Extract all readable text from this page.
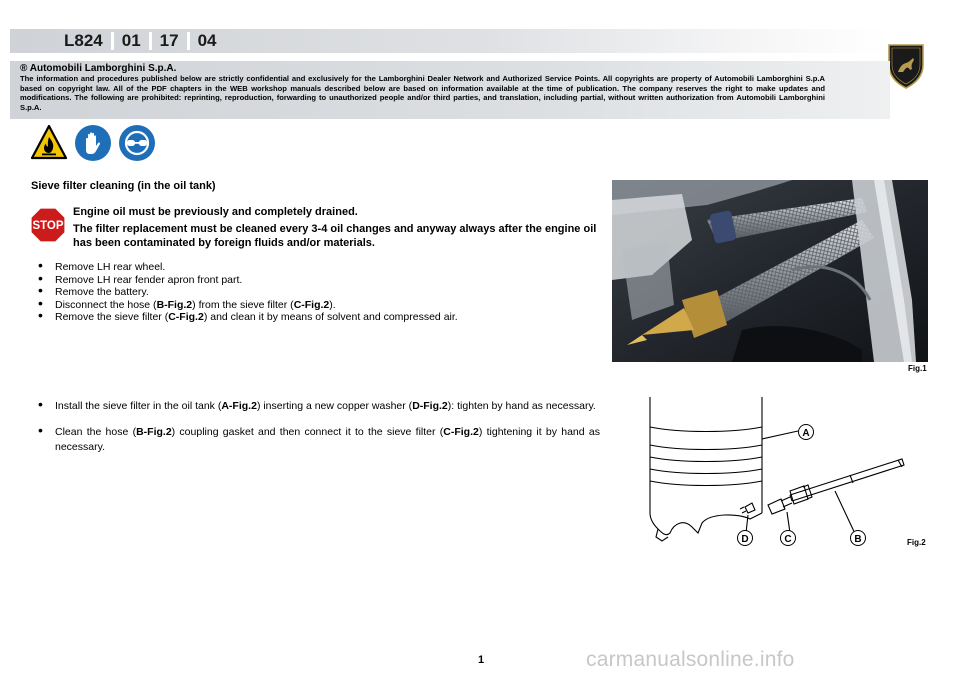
L824	01	17	04
® Automobili Lamborghini S.p.A.
The information and procedures published below are strictly confidential and exclusively for the Lamborghini Dealer Network and Authorized Service Points. All copyrights are property of Automobili Lamborghini S.p.A based on copyright law. All of the PDF chapters in the WEB workshop manuals described below are based on information available at the time of publication. The company reserves the right to make updates and modifications. The following are prohibited: reprinting, reproduction, forwarding to unauthorized people and/or third parties, and translation, including partial, without written authorization from Automobili Lamborghini S.p.A.
Sieve filter cleaning (in the oil tank)
STOP
Engine oil must be previously and completely drained.
The filter replacement must be cleaned every 3-4 oil changes and anyway always after the engine oil has been contaminated by foreign fluids and/or materials.
• Remove LH rear wheel.
• Remove LH rear fender apron front part.
• Remove the battery.
• Disconnect the hose (B-Fig.2) from the sieve filter (C-Fig.2).
• Remove the sieve filter (C-Fig.2) and clean it by means of solvent and compressed air.
• Install the sieve filter in the oil tank (A-Fig.2) inserting a new copper washer (D-Fig.2): tighten by hand as necessary.
• Clean the hose (B-Fig.2) coupling gasket and then connect it to the sieve filter (C-Fig.2) tightening it by hand as necessary.
Fig.1
A
B
C
D	Fig.2
1	carmanualsonline.info
